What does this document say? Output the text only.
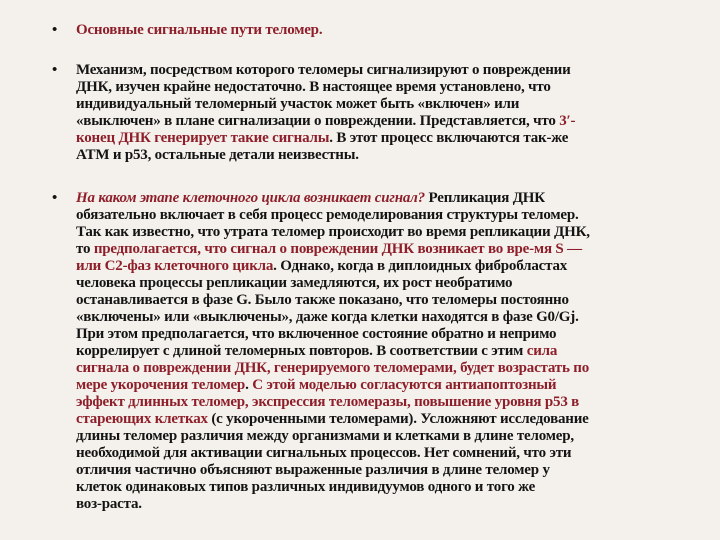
• Основные сигнальные пути теломер.
• Механизм, посредством которого теломеры сигнализируют о повреждении
ДНК, изучен крайне недостаточно. В настоящее время установлено, что
индивидуальный теломерный участок может быть «включен» или
«выключен» в плане сигнализации о повреждении. Представляется, что 3′-
конец ДНК генерирует такие сигналы. В этот процесс включаются так-же
ATM и p53, остальные детали неизвестны.
• На каком этапе клеточного цикла возникает сигнал? Репликация ДНК
обязательно включает в себя процесс ремоделирования структуры теломер.
Так как известно, что утрата теломер происходит во время репликации ДНК,
то предполагается, что сигнал о повреждении ДНК возникает во вре-мя S —
или С2-фаз клеточного цикла. Однако, когда в диплоидных фибробластах
человека процессы репликации замедляются, их рост необратимо
останавливается в фазе G. Было также показано, что теломеры постоянно
«включены» или «выключены», даже когда клетки находятся в фазе G0/Gj.
При этом предполагается, что включенное состояние обратно и непримо
коррелирует с длиной теломерных повторов. В соответствии с этим сила
сигнала о повреждении ДНК, генерируемого теломерами, будет возрастать по
мере укорочения теломер. С этой моделью согласуются антиапоптозный
эффект длинных теломер, экспрессия теломеразы, повышение уровня p53 в
стареющих клетках (с укороченными теломерами). Усложняют исследование
длины теломер различия между организмами и клетками в длине теломер,
необходимой для активации сигнальных процессов. Нет сомнений, что эти
отличия частично объясняют выраженные различия в длине теломер у
клеток одинаковых типов различных индивидуумов одного и того же
воз-раста.
